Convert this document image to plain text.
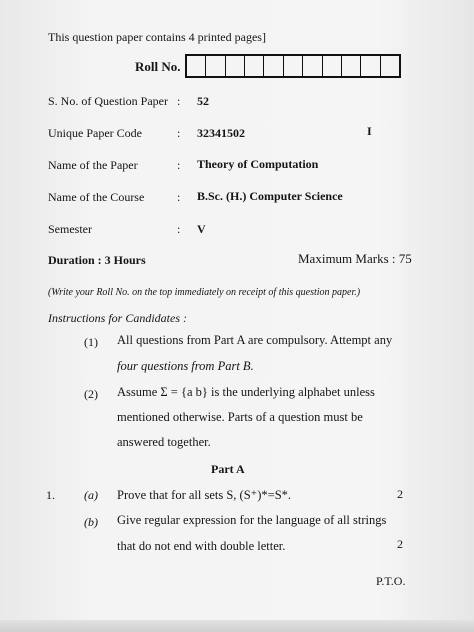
This question paper contains 4 printed pages]
Roll No.
S. No. of Question Paper : 52
Unique Paper Code	: 32341502	I
Name of the Paper	: Theory of Computation
Name of the Course	: B.Sc. (H.) Computer Science
Semester	: V
Duration : 3 Hours	Maximum Marks : 75
(Write your Roll No. on the top immediately on receipt of this question paper.)
Instructions for Candidates :
(1) All questions from Part A are compulsory. Attempt any
four questions from Part B.
(2) Assume Σ = {a b} is the underlying alphabet unless
mentioned otherwise. Parts of a question must be
answered together.
Part A
1. (a) Prove that for all sets S, (S⁺)*=S*.	2
(b) Give regular expression for the language of all strings
that do not end with double letter.	2
P.T.O.
